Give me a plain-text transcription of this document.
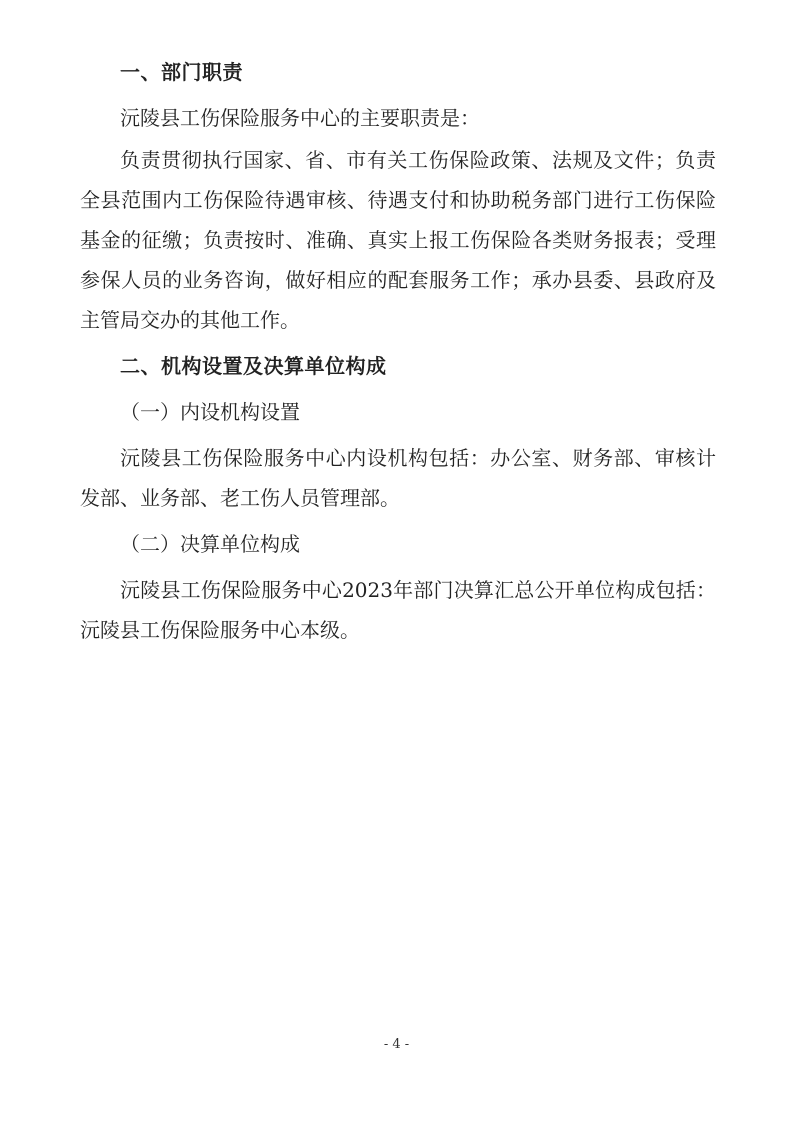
一、部门职责
沅陵县工伤保险服务中心的主要职责是：
负责贯彻执行国家、省、市有关工伤保险政策、法规及文件；负责全县范围内工伤保险待遇审核、待遇支付和协助税务部门进行工伤保险基金的征缴；负责按时、准确、真实上报工伤保险各类财务报表；受理参保人员的业务咨询，做好相应的配套服务工作；承办县委、县政府及主管局交办的其他工作。
二、机构设置及决算单位构成
（一）内设机构设置
沅陵县工伤保险服务中心内设机构包括：办公室、财务部、审核计发部、业务部、老工伤人员管理部。
（二）决算单位构成
沅陵县工伤保险服务中心2023年部门决算汇总公开单位构成包括：沅陵县工伤保险服务中心本级。
- 4 -
